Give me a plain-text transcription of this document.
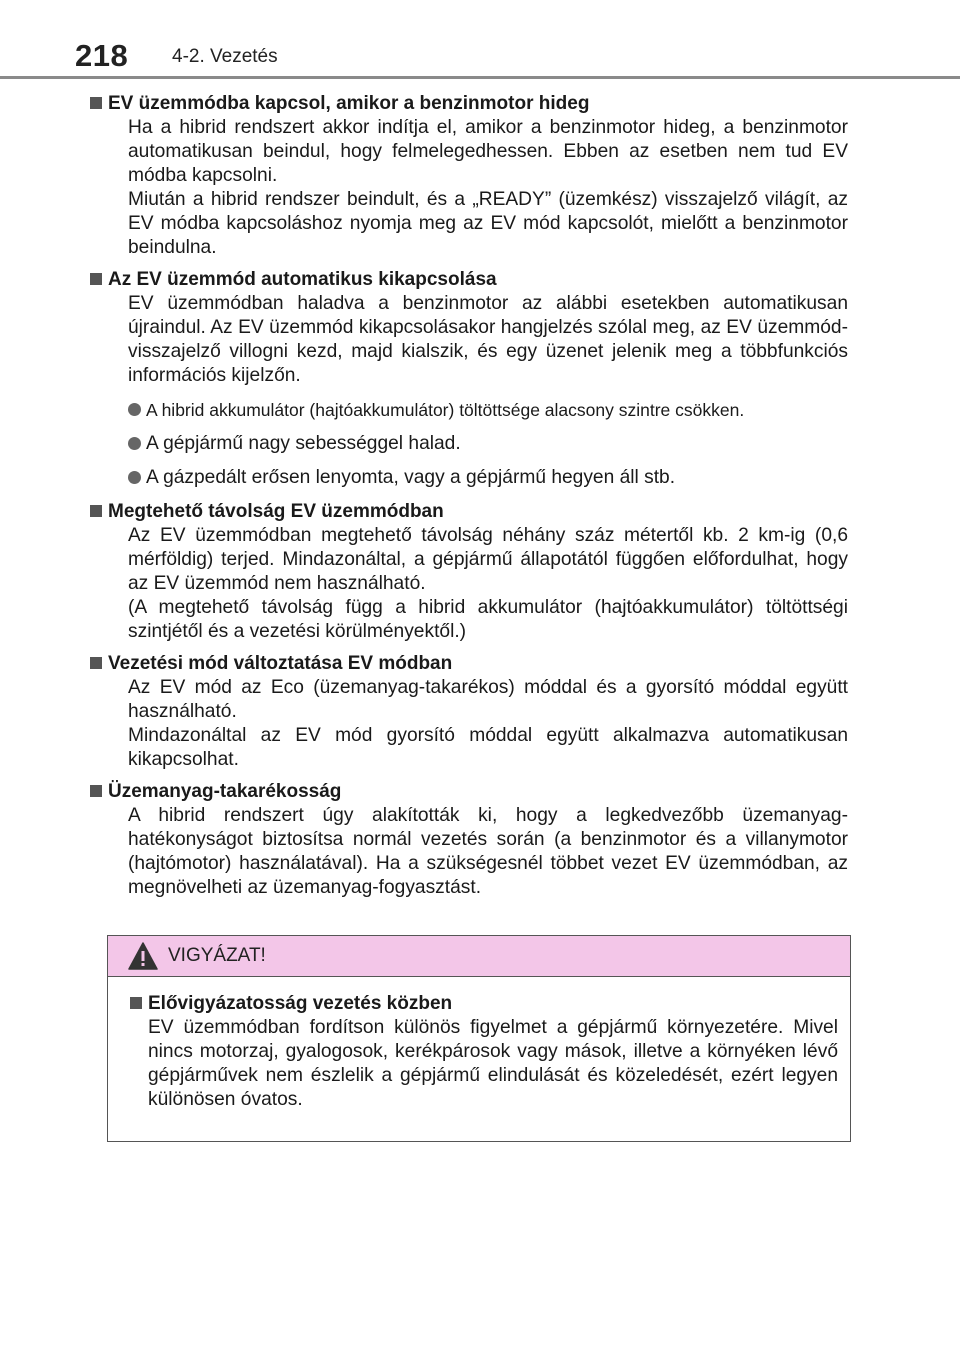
218 4-2. Vezetés
EV üzemmódba kapcsol, amikor a benzinmotor hideg
Ha a hibrid rendszert akkor indítja el, amikor a benzinmotor hideg, a benzinmotor automatikusan beindul, hogy felmelegedhessen. Ebben az esetben nem tud EV módba kapcsolni.
Miután a hibrid rendszer beindult, és a „READY” (üzemkész) visszajelző világít, az EV módba kapcsoláshoz nyomja meg az EV mód kapcsolót, mielőtt a benzinmotor beindulna.
Az EV üzemmód automatikus kikapcsolása
EV üzemmódban haladva a benzinmotor az alábbi esetekben automatikusan újraindul. Az EV üzemmód kikapcsolásakor hangjelzés szólal meg, az EV üzemmód-visszajelző villogni kezd, majd kialszik, és egy üzenet jelenik meg a többfunkciós információs kijelzőn.
A hibrid akkumulátor (hajtóakkumulátor) töltöttsége alacsony szintre csökken.
A gépjármű nagy sebességgel halad.
A gázpedált erősen lenyomta, vagy a gépjármű hegyen áll stb.
Megtehető távolság EV üzemmódban
Az EV üzemmódban megtehető távolság néhány száz métertől kb. 2 km-ig (0,6 mérföldig) terjed. Mindazonáltal, a gépjármű állapotától függően előfordulhat, hogy az EV üzemmód nem használható.
(A megtehető távolság függ a hibrid akkumulátor (hajtóakkumulátor) töltöttségi szintjétől és a vezetési körülményektől.)
Vezetési mód változtatása EV módban
Az EV mód az Eco (üzemanyag-takarékos) móddal és a gyorsító móddal együtt használható.
Mindazonáltal az EV mód gyorsító móddal együtt alkalmazva automatikusan kikapcsolhat.
Üzemanyag-takarékosság
A hibrid rendszert úgy alakították ki, hogy a legkedvezőbb üzemanyag-hatékonyságot biztosítsa normál vezetés során (a benzinmotor és a villanymotor (hajtómotor) használatával). Ha a szükségesnél többet vezet EV üzemmódban, az megnövelheti az üzemanyag-fogyasztást.
VIGYÁZAT!
Elővigyázatosság vezetés közben
EV üzemmódban fordítson különös figyelmet a gépjármű környezetére. Mivel nincs motorzaj, gyalogosok, kerékpárosok vagy mások, illetve a környéken lévő gépjárművek nem észlelik a gépjármű elindulását és közeledését, ezért legyen különösen óvatos.
